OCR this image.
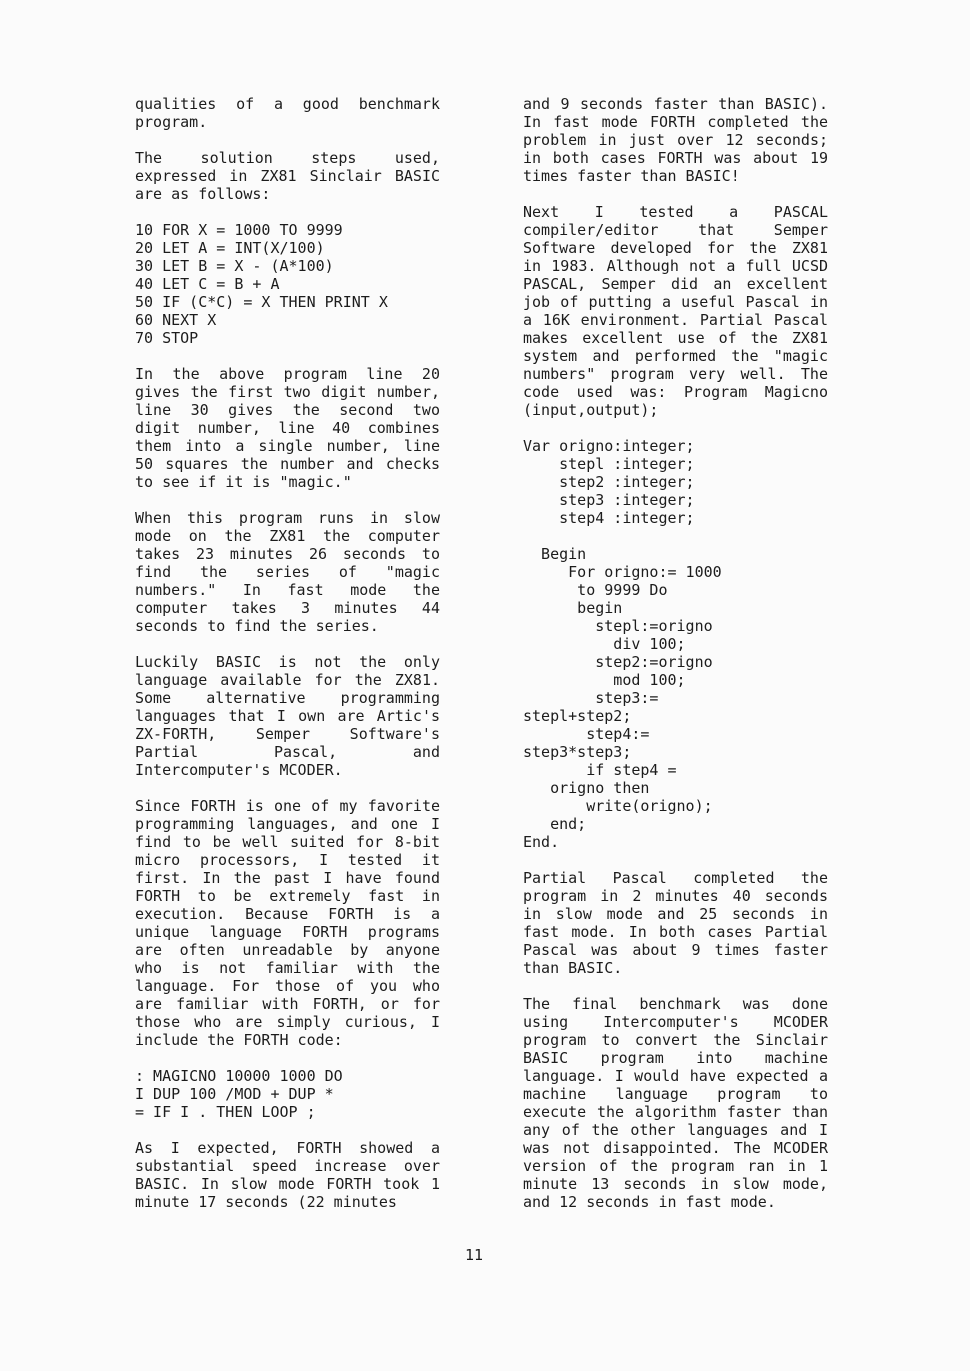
qualities of a good benchmark program.

The solution steps used, expressed in ZX81 Sinclair BASIC are as follows:

10 FOR X = 1000 TO 9999
20 LET A = INT(X/100)
30 LET B = X - (A*100)
40 LET C = B + A
50 IF (C*C) = X THEN PRINT X
60 NEXT X
70 STOP

In the above program line 20 gives the first two digit number, line 30 gives the second two digit number, line 40 combines them into a single number, line 50 squares the number and checks to see if it is "magic."

When this program runs in slow mode on the ZX81 the computer takes 23 minutes 26 seconds to find the series of "magic numbers." In fast mode the computer takes 3 minutes 44 seconds to find the series.

Luckily BASIC is not the only language available for the ZX81. Some alternative programming languages that I own are Artic's ZX-FORTH, Semper Software's Partial Pascal, and Intercomputer's MCODER.

Since FORTH is one of my favorite programming languages, and one I find to be well suited for 8-bit micro processors, I tested it first. In the past I have found FORTH to be extremely fast in execution. Because FORTH is a unique language FORTH programs are often unreadable by anyone who is not familiar with the language. For those of you who are familiar with FORTH, or for those who are simply curious, I include the FORTH code:

: MAGICNO 10000 1000 DO
I DUP 100 /MOD + DUP *
= IF I . THEN LOOP ;

As I expected, FORTH showed a substantial speed increase over BASIC. In slow mode FORTH took 1 minute 17 seconds (22 minutes

and 9 seconds faster than BASIC). In fast mode FORTH completed the problem in just over 12 seconds; in both cases FORTH was about 19 times faster than BASIC!

Next I tested a PASCAL compiler/editor that Semper Software developed for the ZX81 in 1983. Although not a full UCSD PASCAL, Semper did an excellent job of putting a useful Pascal in a 16K environment. Partial Pascal makes excellent use of the ZX81 system and performed the "magic numbers" program very well. The code used was: Program Magicno (input,output);

Var origno:integer;
stepl :integer;
step2 :integer;
step3 :integer;
step4 :integer;

Begin
For origno:= 1000
to 9999 Do
begin
stepl:=origno
div 100;
step2:=origno
mod 100;
step3:=
stepl+step2;
step4:=
step3*step3;
if step4 =
origno then
write(origno);
end;
End.

Partial Pascal completed the program in 2 minutes 40 seconds in slow mode and 25 seconds in fast mode. In both cases Partial Pascal was about 9 times faster than BASIC.

The final benchmark was done using Intercomputer's MCODER program to convert the Sinclair BASIC program into machine language. I would have expected a machine language program to execute the algorithm faster than any of the other languages and I was not disappointed. The MCODER version of the program ran in 1 minute 13 seconds in slow mode, and 12 seconds in fast mode.

11
